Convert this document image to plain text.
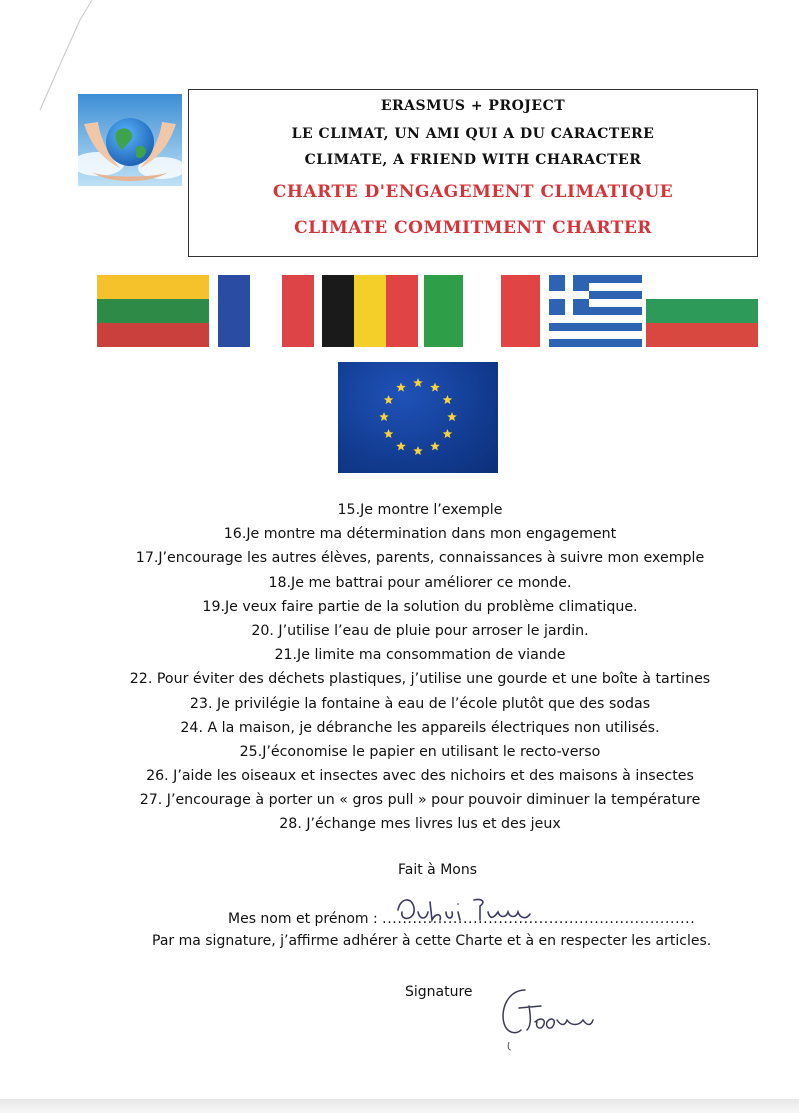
ERASMUS + PROJECT
LE CLIMAT, UN AMI QUI A DU CARACTERE
CLIMATE, A FRIEND WITH CHARACTER
CHARTE D'ENGAGEMENT CLIMATIQUE
CLIMATE COMMITMENT CHARTER
15.Je montre l’exemple
16.Je montre ma détermination dans mon engagement
17.J’encourage les autres élèves, parents, connaissances à suivre mon exemple
18.Je me battrai pour améliorer ce monde.
19.Je veux faire partie de la solution du problème climatique.
20. J’utilise l’eau de pluie pour arroser le jardin.
21.Je limite ma consommation de viande
22. Pour éviter des déchets plastiques, j’utilise une gourde et une boîte à tartines
23. Je privilégie la fontaine à eau de l’école plutôt que des sodas
24. A la maison, je débranche les appareils électriques non utilisés.
25.J’économise le papier en utilisant le recto-verso
26. J’aide les oiseaux et insectes avec des nichoirs et des maisons à insectes
27. J’encourage à porter un « gros pull » pour pouvoir diminuer la température
28. J’échange mes livres lus et des jeux
Fait à Mons
Mes nom et prénom : ..............................................................
Par ma signature, j’affirme adhérer à cette Charte et à en respecter les articles.
Signature
